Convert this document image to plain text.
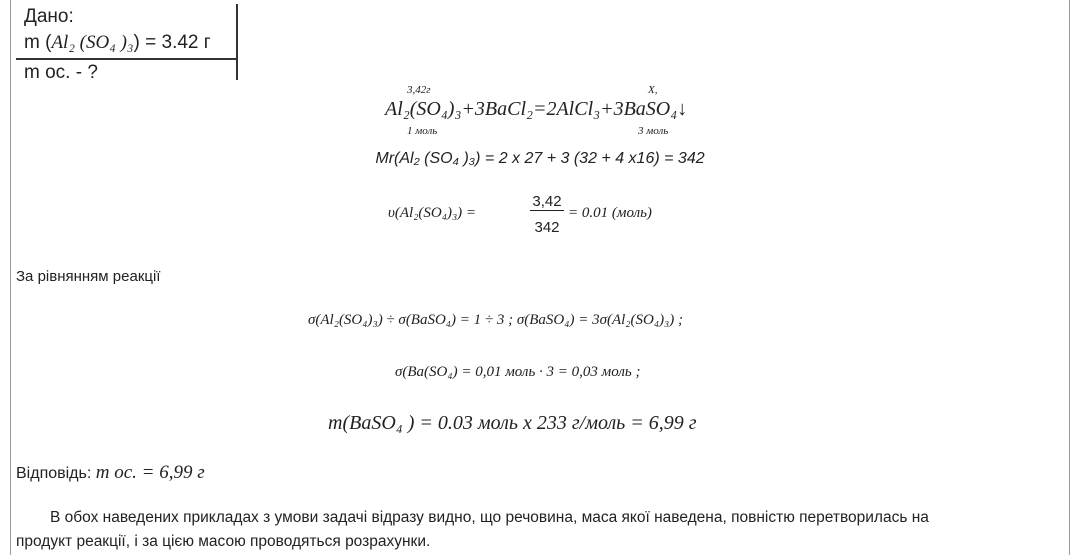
Дано:
m (Al₂ (SO₄ )₃) = 3.42 г
m ос. - ?
3,42г	X,
Al₂(SO₄)₃+3BaCl₂=2AlCl₃+3BaSO₄↓
1 моль	3 моль
Mr(Al₂ (SO₄ )₃) = 2 x 27 + 3 (32 + 4 x16) = 342
υ(Al₂(SO₄)₃) =
3,42
342
= 0.01 (моль)
За рівнянням реакції
σ(Al₂(SO₄)₃) ÷ σ(BaSO₄) = 1 ÷ 3 ; σ(BaSO₄) = 3σ(Al₂(SO₄)₃) ;
σ(Ba(SO₄) = 0,01 моль · 3 = 0,03 моль ;
m(BaSO₄ ) = 0.03 моль х 233 г/моль = 6,99 г
Відповідь: m ос. = 6,99 г
В обох наведених прикладах з умови задачі відразу видно, що речовина, маса якої наведена, повністю перетворилась на
продукт реакції, і за цією масою проводяться розрахунки.
